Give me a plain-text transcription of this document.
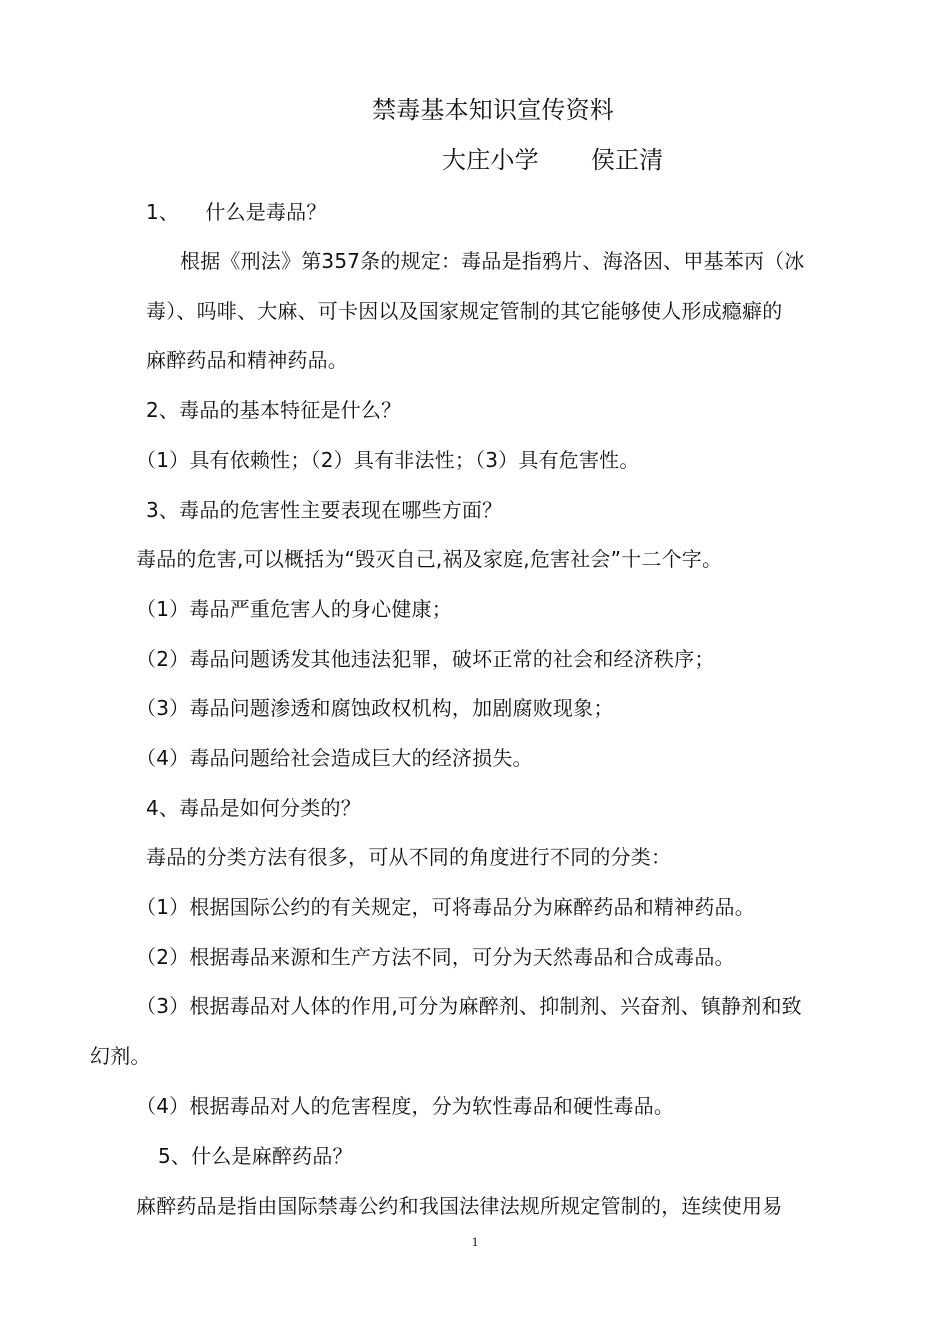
禁毒基本知识宣传资料
大庄小学 侯正清
1、    什么是毒品？
根据《刑法》第357条的规定：毒品是指鸦片、海洛因、甲基苯丙（冰
毒）、吗啡、大麻、可卡因以及国家规定管制的其它能够使人形成瘾癖的
麻醉药品和精神药品。
2、毒品的基本特征是什么？
（1）具有依赖性；（2）具有非法性；（3）具有危害性。
3、毒品的危害性主要表现在哪些方面？
毒品的危害,可以概括为“毁灭自己,祸及家庭,危害社会”十二个字。
（1）毒品严重危害人的身心健康；
（2）毒品问题诱发其他违法犯罪，破坏正常的社会和经济秩序；
（3）毒品问题渗透和腐蚀政权机构，加剧腐败现象；
（4）毒品问题给社会造成巨大的经济损失。
4、毒品是如何分类的？
毒品的分类方法有很多，可从不同的角度进行不同的分类：
（1）根据国际公约的有关规定，可将毒品分为麻醉药品和精神药品。
（2）根据毒品来源和生产方法不同，可分为天然毒品和合成毒品。
（3）根据毒品对人体的作用,可分为麻醉剂、抑制剂、兴奋剂、镇静剂和致
幻剂。
（4）根据毒品对人的危害程度，分为软性毒品和硬性毒品。
5、什么是麻醉药品？
麻醉药品是指由国际禁毒公约和我国法律法规所规定管制的，连续使用易
1
